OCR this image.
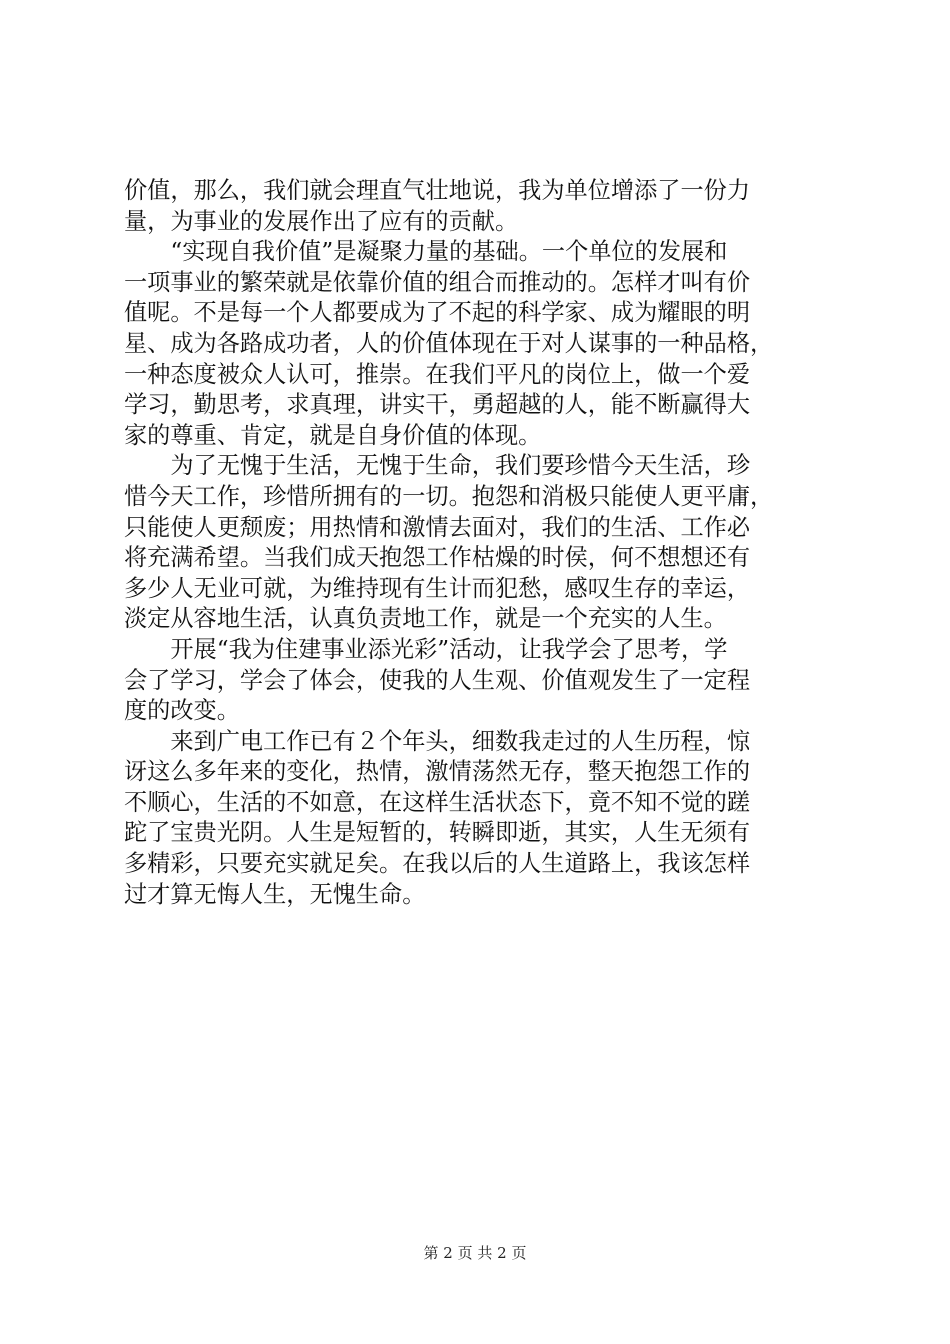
价值，那么，我们就会理直气壮地说，我为单位增添了一份力
量，为事业的发展作出了应有的贡献。
　　“实现自我价值”是凝聚力量的基础。一个单位的发展和
一项事业的繁荣就是依靠价值的组合而推动的。怎样才叫有价
值呢。不是每一个人都要成为了不起的科学家、成为耀眼的明
星、成为各路成功者，人的价值体现在于对人谋事的一种品格，
一种态度被众人认可，推崇。在我们平凡的岗位上，做一个爱
学习，勤思考，求真理，讲实干，勇超越的人，能不断赢得大
家的尊重、肯定，就是自身价值的体现。
　　为了无愧于生活，无愧于生命，我们要珍惜今天生活，珍
惜今天工作，珍惜所拥有的一切。抱怨和消极只能使人更平庸，
只能使人更颓废；用热情和激情去面对，我们的生活、工作必
将充满希望。当我们成天抱怨工作枯燥的时侯，何不想想还有
多少人无业可就，为维持现有生计而犯愁，感叹生存的幸运，
淡定从容地生活，认真负责地工作，就是一个充实的人生。
　　开展“我为住建事业添光彩”活动，让我学会了思考，学
会了学习，学会了体会，使我的人生观、价值观发生了一定程
度的改变。
　　来到广电工作已有２个年头，细数我走过的人生历程，惊
讶这么多年来的变化，热情，激情荡然无存，整天抱怨工作的
不顺心，生活的不如意，在这样生活状态下，竟不知不觉的蹉
跎了宝贵光阴。人生是短暂的，转瞬即逝，其实，人生无须有
多精彩，只要充实就足矣。在我以后的人生道路上，我该怎样
过才算无悔人生，无愧生命。
第 2 页 共 2 页
